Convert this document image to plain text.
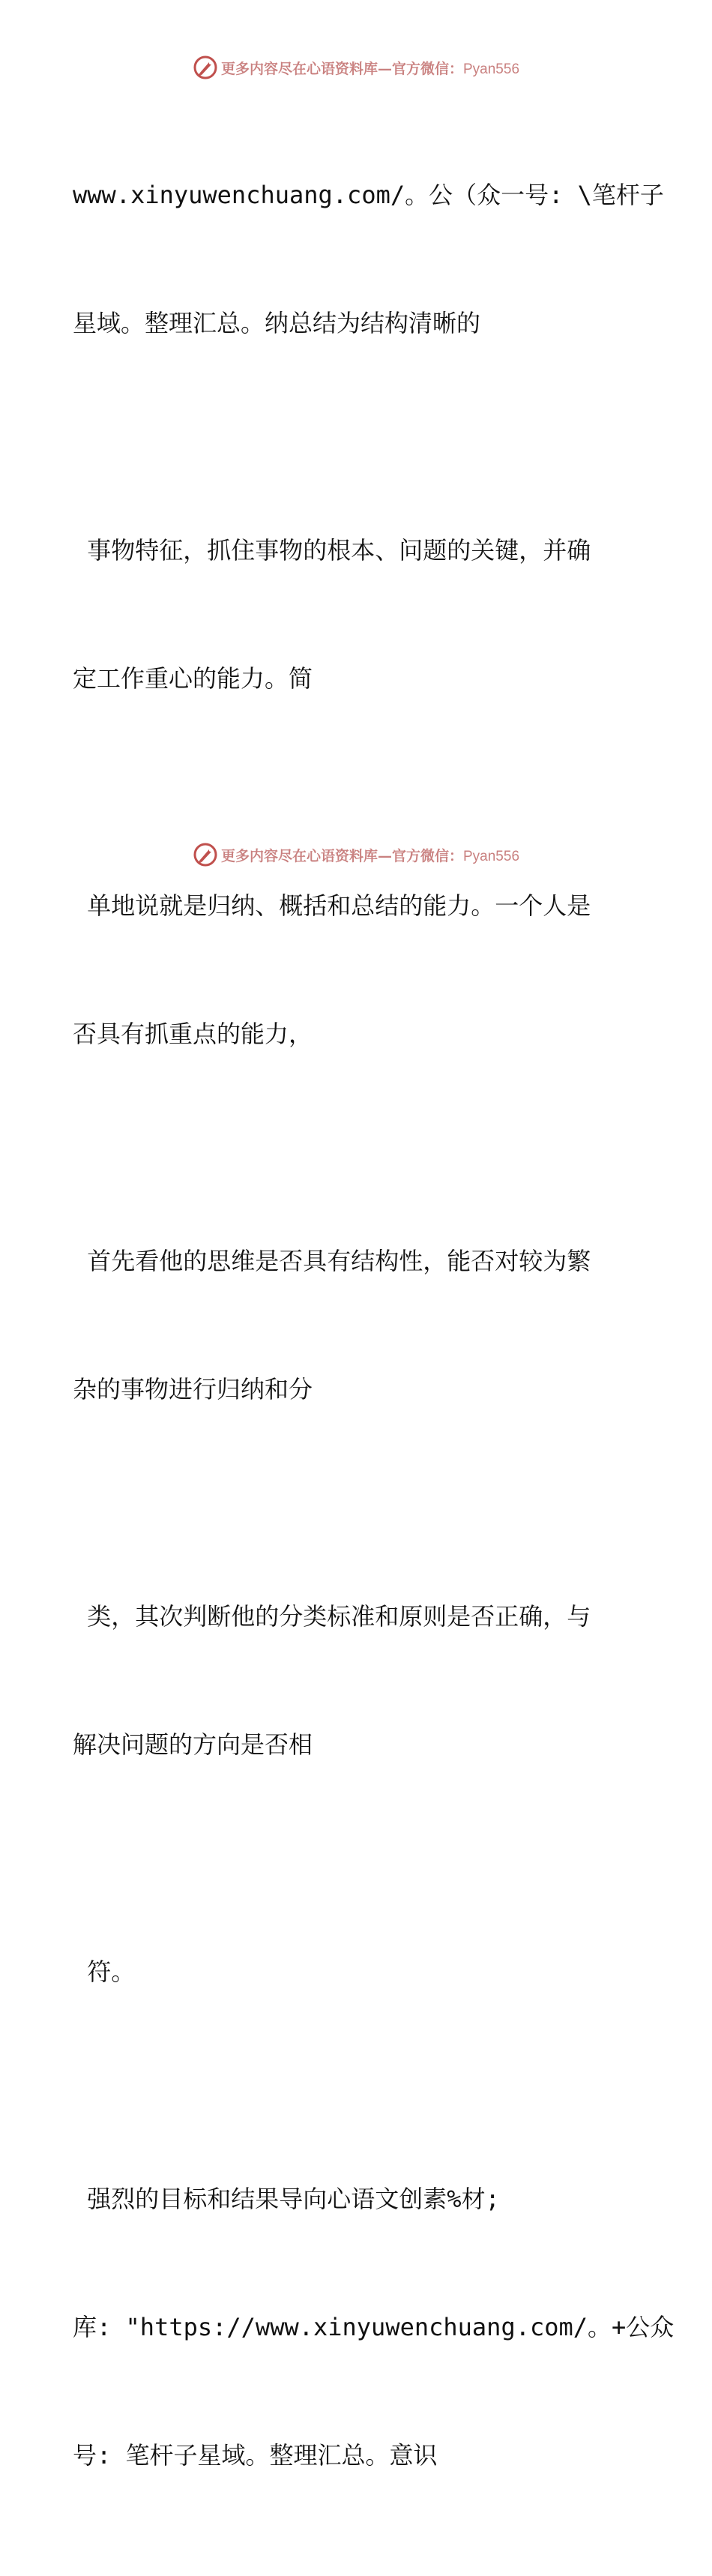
更多内容尽在心语资料库—官方微信：Pyan556

www.xinyuwenchuang.com/。公（众一号: \笔杆子

星域。整理汇总。纳总结为结构清晰的

事物特征，抓住事物的根本、问题的关键，并确

定工作重心的能力。简

单地说就是归纳、概括和总结的能力。一个人是

否具有抓重点的能力，

首先看他的思维是否具有结构性，能否对较为繁

杂的事物进行归纳和分

类，其次判断他的分类标准和原则是否正确，与

解决问题的方向是否相

符。

强烈的目标和结果导向心语文创素%材;

库: "https://www.xinyuwenchuang.com/。+公众

号: 笔杆子星域。整理汇总。意识

更多内容尽在心语资料库—官方微信：Pyan556
